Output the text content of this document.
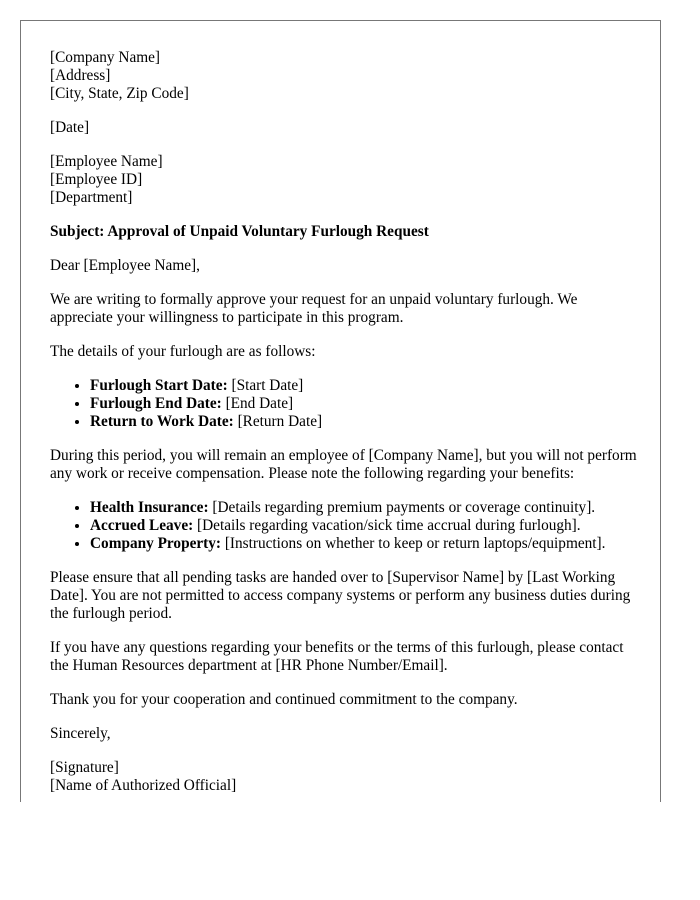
[Company Name]
[Address]
[City, State, Zip Code]

[Date]

[Employee Name]
[Employee ID]
[Department]

Subject: Approval of Unpaid Voluntary Furlough Request

Dear [Employee Name],

We are writing to formally approve your request for an unpaid voluntary furlough. We appreciate your willingness to participate in this program.

The details of your furlough are as follows:

• Furlough Start Date: [Start Date]
• Furlough End Date: [End Date]
• Return to Work Date: [Return Date]

During this period, you will remain an employee of [Company Name], but you will not perform any work or receive compensation. Please note the following regarding your benefits:

• Health Insurance: [Details regarding premium payments or coverage continuity].
• Accrued Leave: [Details regarding vacation/sick time accrual during furlough].
• Company Property: [Instructions on whether to keep or return laptops/equipment].

Please ensure that all pending tasks are handed over to [Supervisor Name] by [Last Working Date]. You are not permitted to access company systems or perform any business duties during the furlough period.

If you have any questions regarding your benefits or the terms of this furlough, please contact the Human Resources department at [HR Phone Number/Email].

Thank you for your cooperation and continued commitment to the company.

Sincerely,

[Signature]
[Name of Authorized Official]
